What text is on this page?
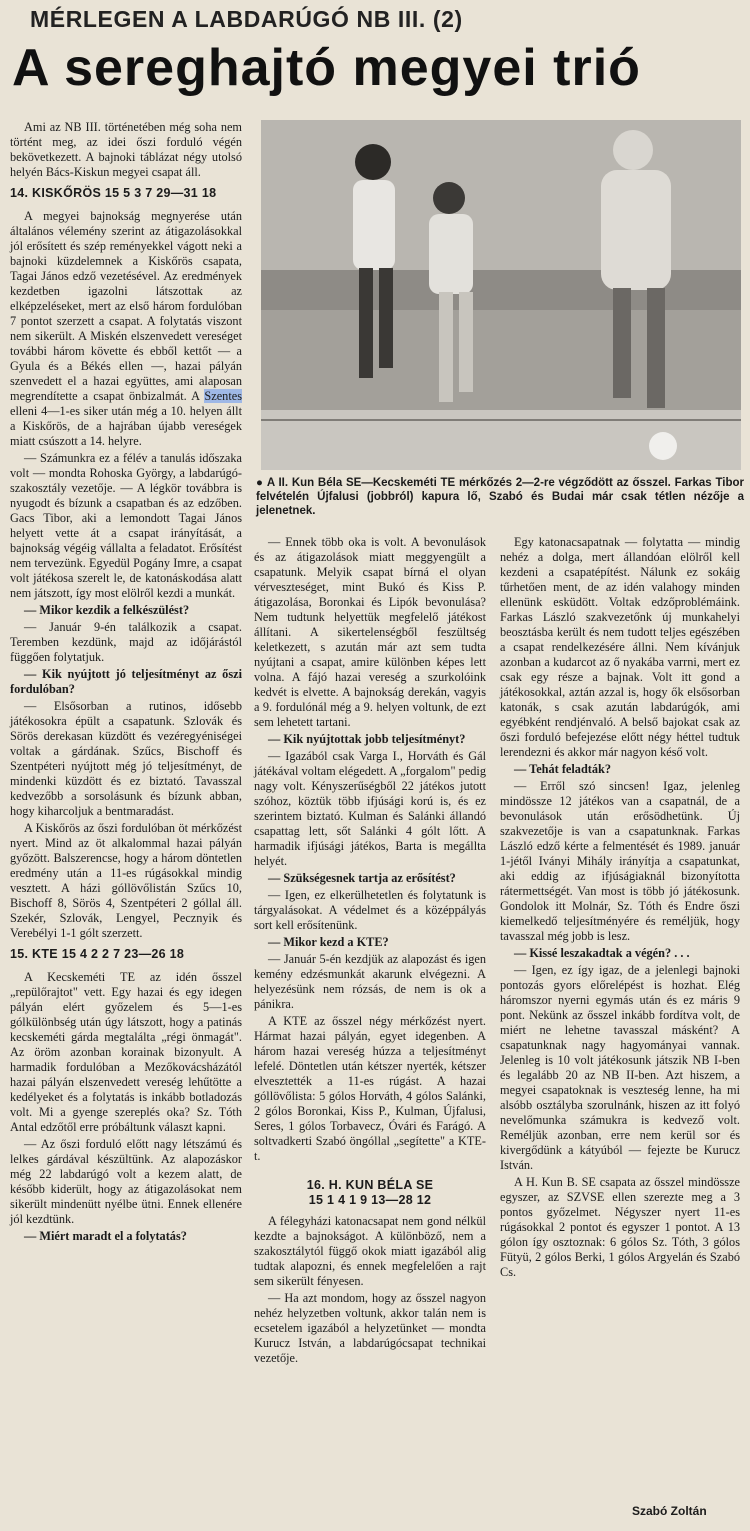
MÉRLEGEN A LABDARÚGÓ NB III. (2)
A sereghajtó megyei trió

Ami az NB III. történetében még soha nem történt meg, az idei őszi forduló végén bekövetkezett. A bajnoki táblázat négy utolsó helyén Bács-Kiskun megyei csapat áll.

14. KISKŐRÖS 15 5 3 7 29—31 18

A megyei bajnokság megnyerése után általános vélemény szerint az átigazolásokkal jól erősített és szép reményekkel vágott neki a bajnoki küzdelemnek a Kiskőrös csapata, Tagai János edző vezetésével. Az eredmények kezdetben igazolni látszottak az elképzeléseket, mert az első három fordulóban 7 pontot szerzett a csapat. A folytatás viszont nem sikerült. A Miskén elszenvedett vereséget további három követte és ebből kettőt — a Gyula és a Békés ellen —, hazai pályán szenvedett el a hazai együttes, ami alaposan megrendítette a csapat önbizalmát. A Szentes elleni 4—1-es siker után még a 10. helyen állt a Kiskőrös, de a hajrában újabb vereségek miatt csúszott a 14. helyre.

— Számunkra ez a félév a tanulás időszaka volt — mondta Rohoska György, a labdarúgó-szakosztály vezetője. — A légkör továbbra is nyugodt és bízunk a csapatban és az edzőben. Gacs Tibor, aki a lemondott Tagai János helyett vette át a csapat irányítását, a bajnokság végéig vállalta a feladatot. Erősítést nem tervezünk. Egyedül Pogány Imre, a csapat volt játékosa szerelt le, de katonáskodása alatt nem játszott, így most elölről kezdi a munkát.

— Mikor kezdik a felkészülést?

— Január 9-én találkozik a csapat. Teremben kezdünk, majd az időjárástól függően folytatjuk.

— Kik nyújtott jó teljesítményt az őszi fordulóban?

— Elsősorban a rutinos, idősebb játékosokra épült a csapatunk. Szlovák és Sörös derekasan küzdött és vezéregyéniségei voltak a gárdának. Szűcs, Bischoff és Szentpéteri nyújtott még jó teljesítményt, de mindenki küzdött és ez biztató. Tavasszal kedvezőbb a sorsolásunk és bízunk abban, hogy kiharcoljuk a bentmaradást.

A Kiskőrös az őszi fordulóban öt mérkőzést nyert. Mind az öt alkalommal hazai pályán győzött. Balszerencse, hogy a három döntetlen eredmény után a 11-es rúgásokkal mindig vesztett. A házi góllövőlistán Szűcs 10, Bischoff 8, Sörös 4, Szentpéteri 2 góllal áll. Szekér, Szlovák, Lengyel, Pecznyik és Verebélyi 1-1 gólt szerzett.

15. KTE 15 4 2 2 7 23—26 18

A Kecskeméti TE az idén ősszel „repülőrajtot" vett. Egy hazai és egy idegen pályán elért győzelem és 5—1-es gólkülönbség után úgy látszott, hogy a patinás kecskeméti gárda megtalálta „régi önmagát". Az öröm azonban korainak bizonyult. A harmadik fordulóban a Mezőkovácsházától hazai pályán elszenvedett vereség lehűtötte a kedélyeket és a folytatás is inkább botladozás volt. Mi a gyenge szereplés oka? Sz. Tóth Antal edzőtől erre próbáltunk választ kapni.

— Az őszi forduló előtt nagy létszámú és lelkes gárdával készültünk. Az alapozáskor még 22 labdarúgó volt a kezem alatt, de később kiderült, hogy az átigazolásokat nem sikerült mindenütt nyélbe ütni. Ennek ellenére jól kezdtünk.

— Miért maradt el a folytatás?

● A II. Kun Béla SE—Kecskeméti TE mérkőzés 2—2-re végződött az ősszel. Farkas Tibor felvételén Újfalusi (jobbról) kapura lő, Szabó és Budai már csak tétlen nézője a jelenetnek.

— Ennek több oka is volt. A bevonulások és az átigazolások miatt meggyengült a csapatunk. Melyik csapat bírná el olyan vérveszteséget, mint Bukó és Kiss P. átigazolása, Boronkai és Lipók bevonulása? Nem tudtunk helyettük megfelelő játékost állítani. A sikertelenségből feszültség keletkezett, s azután már azt sem tudta nyújtani a csapat, amire különben képes lett volna. A fájó hazai vereség a szurkolóink kedvét is elvette. A bajnokság derekán, vagyis a 9. fordulónál még a 9. helyen voltunk, de ezt sem lehetett tartani.

— Kik nyújtottak jobb teljesítményt?

— Igazából csak Varga I., Horváth és Gál játékával voltam elégedett. A „forgalom" pedig nagy volt. Kényszerűségből 22 játékos jutott szóhoz, köztük több ifjúsági korú is, és ez szerintem biztató. Kulman és Salánki állandó csapattag lett, sőt Salánki 4 gólt lőtt. A harmadik ifjúsági játékos, Barta is megállta helyét.

— Szükségesnek tartja az erősítést?

— Igen, ez elkerülhetetlen és folytatunk is tárgyalásokat. A védelmet és a középpályás sort kell erősítenünk.

— Mikor kezd a KTE?

— Január 5-én kezdjük az alapozást és igen kemény edzésmunkát akarunk elvégezni. A helyezésünk nem rózsás, de nem is ok a pánikra.

A KTE az ősszel négy mérkőzést nyert. Hármat hazai pályán, egyet idegenben. A három hazai vereség húzza a teljesítményt lefelé. Döntetlen után kétszer nyerték, kétszer elvesztették a 11-es rúgást. A hazai góllövőlista: 5 gólos Horváth, 4 gólos Salánki, 2 gólos Boronkai, Kiss P., Kulman, Újfalusi, Seres, 1 gólos Torbavecz, Óvári és Farágó. A soltvadkerti Szabó öngóllal „segítette" a KTE-t.

16. H. KUN BÉLA SE
15 1 4 1 9 13—28 12

A félegyházi katonacsapat nem gond nélkül kezdte a bajnokságot. A különböző, nem a szakosztálytól függő okok miatt igazából alig tudtak alapozni, és ennek megfelelően a rajt sem sikerült fényesen.

— Ha azt mondom, hogy az ősszel nagyon nehéz helyzetben voltunk, akkor talán nem is ecsetelem igazából a helyzetünket — mondta Kurucz István, a labdarúgócsapat technikai vezetője.

Egy katonacsapatnak — folytatta — mindig nehéz a dolga, mert állandóan elölről kell kezdeni a csapatépítést. Nálunk ez sokáig tűrhetően ment, de az idén valahogy minden ellenünk esküdött. Voltak edzőproblémáink. Farkas László szakvezetőnk új munkahelyi beosztásba került és nem tudott teljes egészében a csapat rendelkezésére állni. Nem kívánjuk azonban a kudarcot az ő nyakába varrni, mert ez csak egy része a bajnak. Volt itt gond a játékosokkal, aztán azzal is, hogy ők elsősorban katonák, s csak azután labdarúgók, ami egyébként rendjénvaló. A belső bajokat csak az őszi forduló befejezése előtt négy héttel tudtuk lerendezni és akkor már nagyon késő volt.

— Tehát feladták?

— Erről szó sincsen! Igaz, jelenleg mindössze 12 játékos van a csapatnál, de a bevonulások után erősödhetünk. Új szakvezetője is van a csapatunknak. Farkas László edző kérte a felmentését és 1989. január 1-jétől Iványi Mihály irányítja a csapatunkat, aki eddig az ifjúságiaknál bizonyította rátermettségét. Van most is több jó játékosunk. Gondolok itt Molnár, Sz. Tóth és Endre őszi kiemelkedő teljesítményére és reméljük, hogy tavasszal még jobb is lesz.

— Kissé leszakadtak a végén? . . .

— Igen, ez így igaz, de a jelenlegi bajnoki pontozás gyors előrelépést is hozhat. Elég háromszor nyerni egymás után és ez máris 9 pont. Nekünk az ősszel inkább fordítva volt, de miért ne lehetne tavasszal másként? A csapatunknak nagy hagyományai vannak. Jelenleg is 10 volt játékosunk játszik NB I-ben és legalább 20 az NB II-ben. Azt hiszem, a megyei csapatoknak is veszteség lenne, ha mi alsóbb osztályba szorulnánk, hiszen az itt folyó nevelőmunka számukra is kedvező volt. Reméljük azonban, erre nem kerül sor és kivergődünk a kátyúból — fejezte be Kurucz István.

A H. Kun B. SE csapata az ősszel mindössze egyszer, az SZVSE ellen szerezte meg a 3 pontos győzelmet. Négyszer nyert 11-es rúgásokkal 2 pontot és egyszer 1 pontot. A 13 gólon így osztoznak: 6 gólos Sz. Tóth, 3 gólos Fütyü, 2 gólos Berki, 1 gólos Argyelán és Szabó Cs.

Szabó Zoltán
